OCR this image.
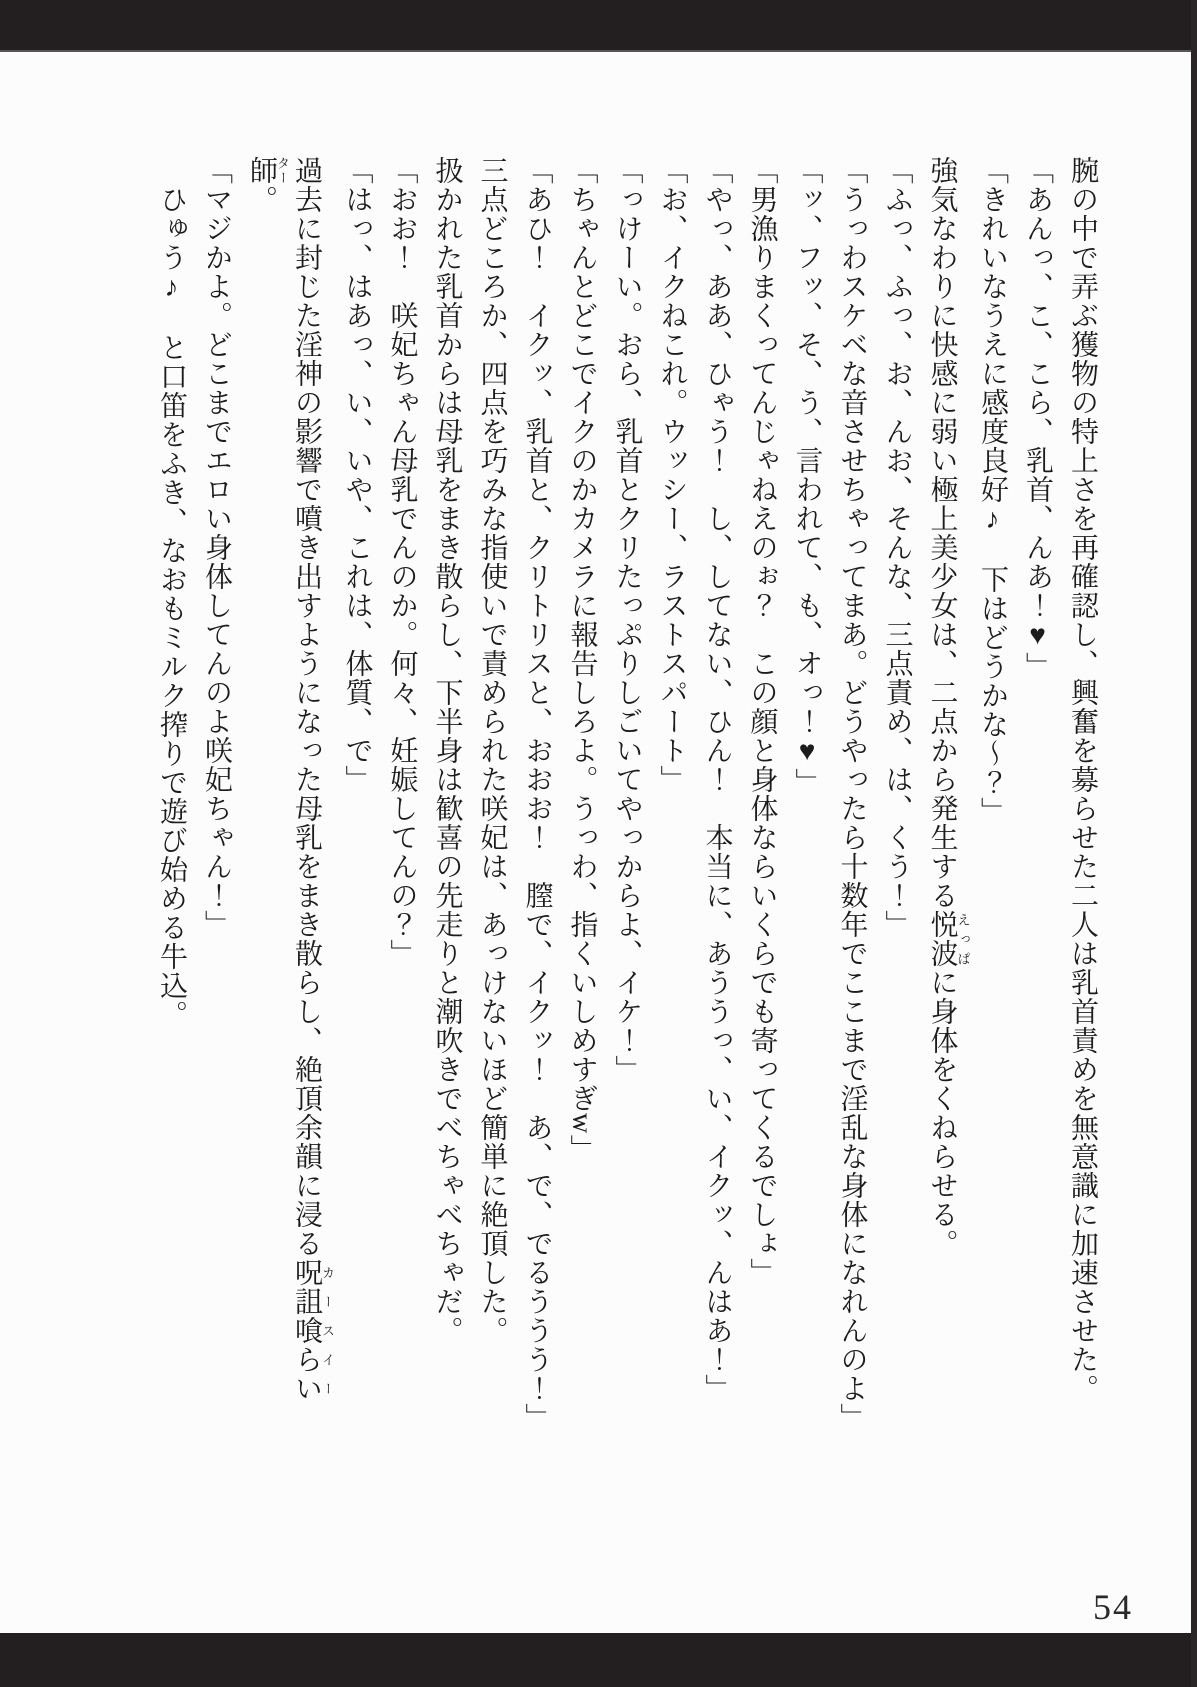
腕の中で弄ぶ獲物の特上さを再確認し、興奮を募らせた二人は乳首責めを無意識に加速させた。

「あんっ、こ、こら、乳首、んあ！♥」

「きれいなうえに感度良好♪　下はどうかな～？」

強気なわりに快感に弱い極上美少女は、二点から発生する悦波えっぱに身体をくねらせる。

「ふっ、ふっ、お、んお、そんな、三点責め、は、くう！」

「うっわスケベな音させちゃってまあ。どうやったら十数年でここまで淫乱な身体になれんのよ」

「ッ、フッ、そ、う、言われて、も、オっ！♥」

「男漁りまくってんじゃねえのぉ？　この顔と身体ならいくらでも寄ってくるでしょ」

「やっ、ああ、ひゃう！　し、してない、ひん！　本当に、あううっ、い、イクッ、んはあ！」

「お、イクねこれ。ウッシー、ラストスパート」

「っけーい。おら、乳首とクリたっぷりしごいてやっからよ、イケ！」

「ちゃんとどこでイクのかカメラに報告しろよ。うっわ、指くいしめすぎw」

「あひ！　イクッ、乳首と、クリトリスと、おおお！　膣で、イクッ！　あ、で、でるううう！」

三点どころか、四点を巧みな指使いで責められた咲妃は、あっけないほど簡単に絶頂した。

扱かれた乳首からは母乳をまき散らし、下半身は歓喜の先走りと潮吹きでべちゃべちゃだ。

「おお！　咲妃ちゃん母乳でんのか。何々、妊娠してんの？」

「はっ、はあっ、い、いや、これは、体質、で」

過去に封じた淫神の影響で噴き出すようになった母乳をまき散らし、絶頂余韻に浸る呪詛喰らい師カースイーター。

「マジかよ。どこまでエロい身体してんのよ咲妃ちゃん！」

　ひゅう♪　と口笛をふき、なおもミルク搾りで遊び始める牛込。

54
